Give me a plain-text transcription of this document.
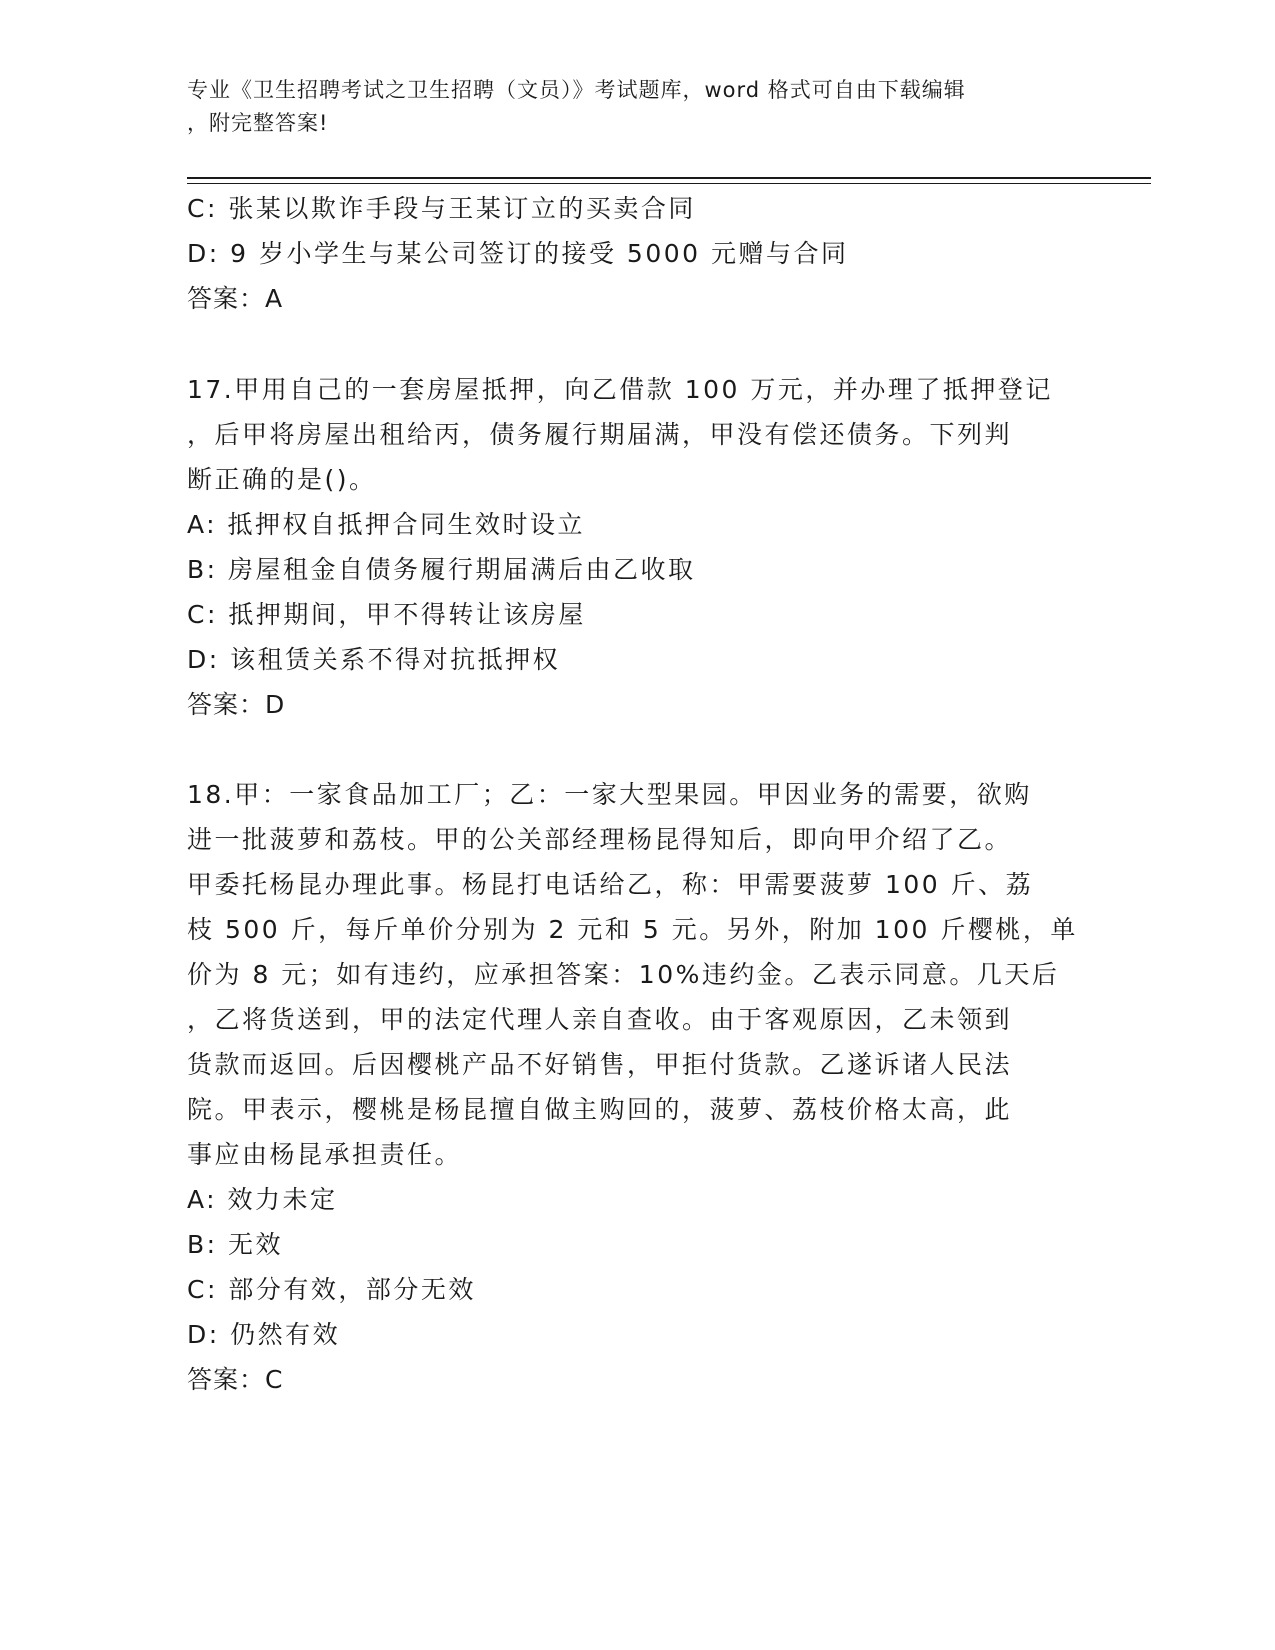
专业《卫生招聘考试之卫生招聘（文员）》考试题库，word 格式可自由下载编辑
，附完整答案!
C: 张某以欺诈手段与王某订立的买卖合同
D: 9 岁小学生与某公司签订的接受 5000 元赠与合同
答案：A
17.甲用自己的一套房屋抵押，向乙借款 100 万元，并办理了抵押登记
，后甲将房屋出租给丙，债务履行期届满，甲没有偿还债务。下列判
断正确的是()。
A: 抵押权自抵押合同生效时设立
B: 房屋租金自债务履行期届满后由乙收取
C: 抵押期间，甲不得转让该房屋
D: 该租赁关系不得对抗抵押权
答案：D
18.甲：一家食品加工厂；乙：一家大型果园。甲因业务的需要，欲购
进一批菠萝和荔枝。甲的公关部经理杨昆得知后，即向甲介绍了乙。
甲委托杨昆办理此事。杨昆打电话给乙，称：甲需要菠萝 100 斤、荔
枝 500 斤，每斤单价分别为 2 元和 5 元。另外，附加 100 斤樱桃，单
价为 8 元；如有违约，应承担答案：10%违约金。乙表示同意。几天后
，乙将货送到，甲的法定代理人亲自查收。由于客观原因，乙未领到
货款而返回。后因樱桃产品不好销售，甲拒付货款。乙遂诉诸人民法
院。甲表示，樱桃是杨昆擅自做主购回的，菠萝、荔枝价格太高，此
事应由杨昆承担责任。
A: 效力未定
B: 无效
C: 部分有效，部分无效
D: 仍然有效
答案：C
